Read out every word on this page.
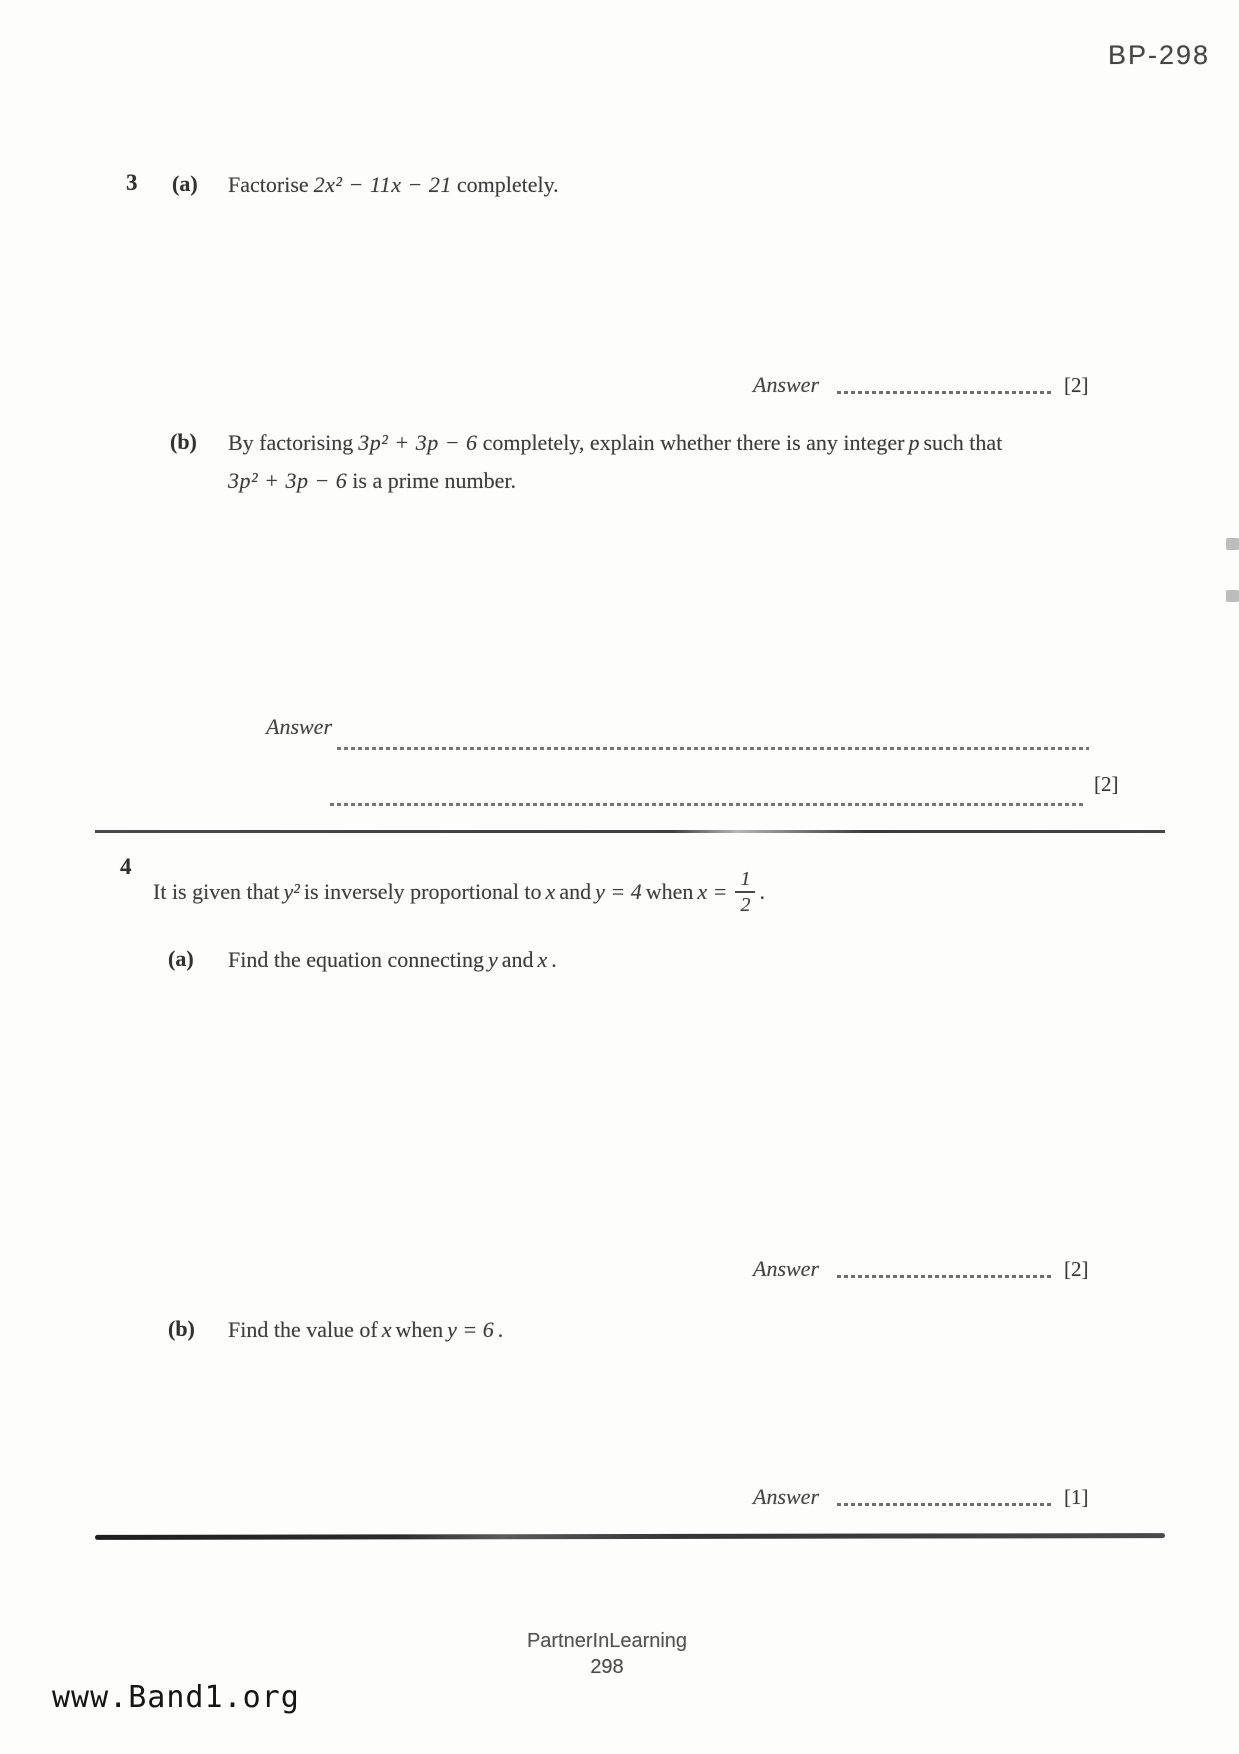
BP-298
3 (a) Factorise 2x² − 11x − 21 completely.
Answer	[2]
(b) By factorising 3p² + 3p − 6 completely, explain whether there is any integer p such that
3p² + 3p − 6 is a prime number.
Answer
[2]
4
It is given that y² is inversely proportional to x and y = 4 when $x = \frac{1}{2}$ .
(a) Find the equation connecting y and x .
Answer	[2]
(b) Find the value of x when y = 6 .
Answer	[1]
PartnerInLearning
298
www.Band1.org
